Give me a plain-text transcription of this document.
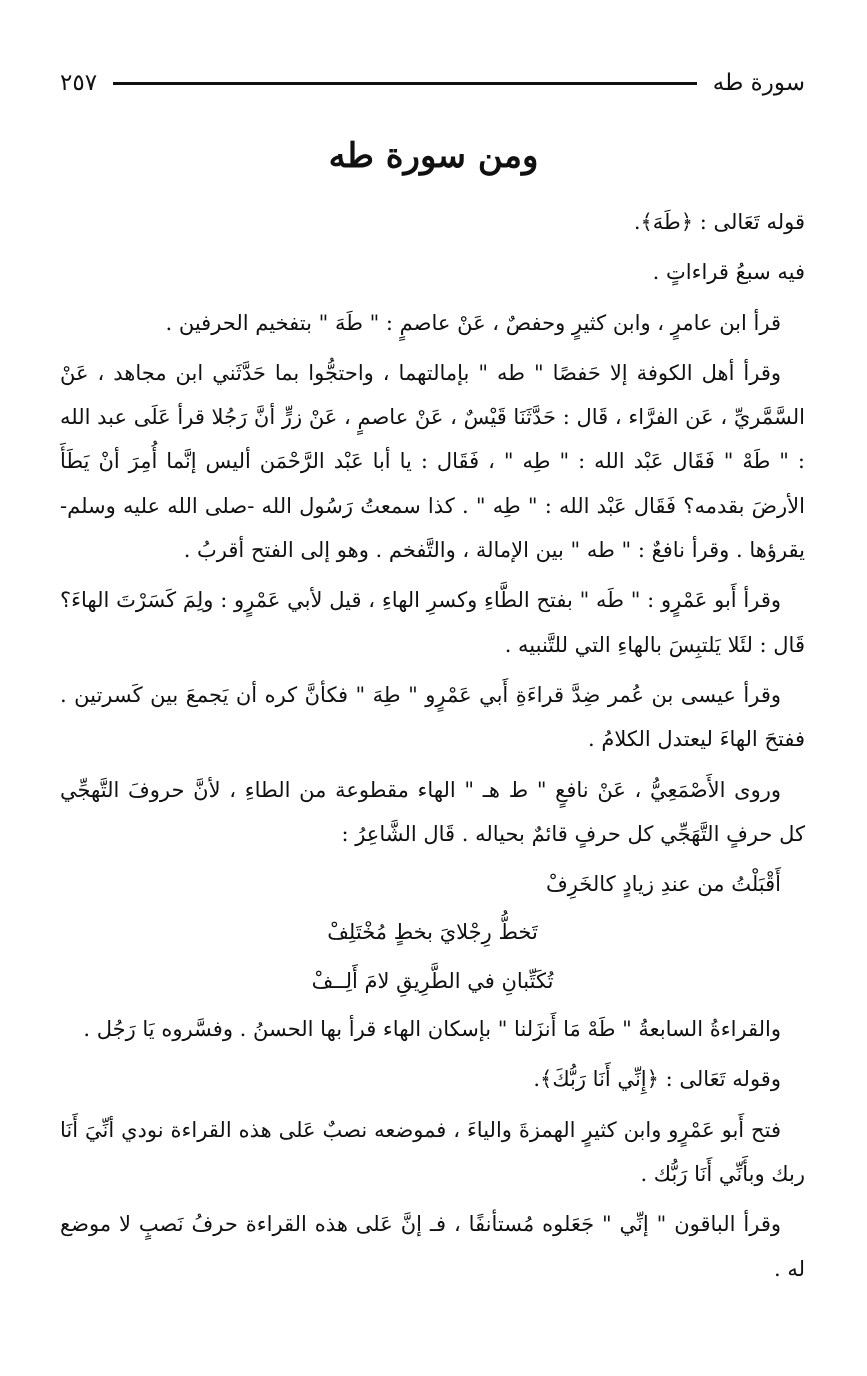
سورة طه
٢٥٧
ومن سورة طه

قوله تَعَالى : ﴿طَهَ﴾.

فيه سبعُ قراءاتٍ .

قرأ ابن عامرٍ ، وابن كثيرٍ وحفصٌ ، عَنْ عاصمٍ : " طَهَ " بتفخيم الحرفين .

وقرأ أهل الكوفة إلا حَفصًا " طه " بإمالتهما ، واحتجُّوا بما حَدَّثَني ابن مجاهد ، عَنْ السَّمَّريِّ ، عَن الفرَّاء ، قَال : حَدَّثَنَا قَيْسٌ ، عَنْ عاصمٍ ، عَنْ زرٍّ أنَّ رَجُلا قرأ عَلَى عبد الله : " طَهْ " فَقَال عَبْد الله : " طِه " ، فَقَال : يا أبا عَبْد الرَّحْمَن أليس إنَّما أُمِرَ أنْ يَطَأَ الأرضَ بقدمه؟ فَقَال عَبْد الله : " طِه " . كذا سمعتُ رَسُول الله -صلى الله عليه وسلم- يقرؤها . وقرأ نافعٌ : " طه " بين الإمالة ، والتَّفخم . وهو إلى الفتح أقربُ .

وقرأ أَبو عَمْرٍو : " طَه " بفتح الطَّاءِ وكسرِ الهاءِ ، قيل لأبي عَمْرٍو : ولِمَ كَسَرْتَ الهاءَ؟ قَال : لئَلا يَلتبِسَ بالهاءِ التي للتَّنبيه .

وقرأ عيسى بن عُمر ضِدَّ قراءَةِ أَبي عَمْرٍو " طِهَ " فكأنَّ كره أن يَجمعَ بين كَسرتين . ففتحَ الهاءَ ليعتدل الكلامُ .

وروى الأَصْمَعِيُّ ، عَنْ نافعٍ " ط هـ " الهاء مقطوعة من الطاءِ ، لأنَّ حروفَ التَّهجِّي كل حرفٍ التَّهَجِّي كل حرفٍ قائمٌ بحياله . قَال الشَّاعِرُ :

أَقْبَلْتُ من عندِ زيادٍ كالخَرِفْ
تَخطُّ رِجْلايَ بخطٍ مُخْتَلِفْ
تُكَتِّبانِ في الطَّرِيقِ لامَ أَلِــفْ

والقراءةُ السابعةُ " طَهْ مَا أَنزَلنا " بإسكان الهاء قرأ بها الحسنُ . وفسَّروه يَا رَجُل .

وقوله تَعَالى : ﴿إِنِّي أَنَا رَبُّكَ﴾.

فتح أَبو عَمْرٍو وابن كثيرٍ الهمزةَ والياءَ ، فموضعه نصبٌ عَلى هذه القراءة نودي أنِّيَ أَنَا ربك وبأَنِّي أَنَا رَبُّك .

وقرأ الباقون " إنِّي " جَعَلوه مُستأنفًا ، فـ إنَّ عَلى هذه القراءة حرفُ نَصبٍ لا موضع له .
